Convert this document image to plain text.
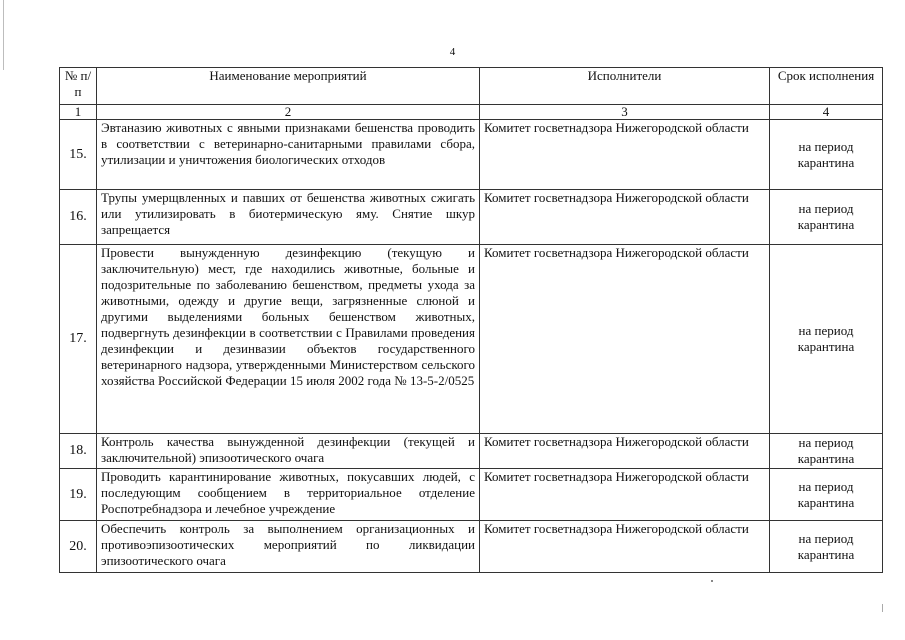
4
№ п/п	Наименование мероприятий	Исполнители	Срок исполнения
1	2	3	4
15.	Эвтаназию животных с явными признаками бешенства проводить в соответствии с ветеринарно-санитарными правилами сбора, утилизации и уничтожения биологических отходов	Комитет госветнадзора Нижегородской области	на период карантина
16.	Трупы умерщвленных и павших от бешенства животных сжигать или утилизировать в биотермическую яму. Снятие шкур запрещается	Комитет госветнадзора Нижегородской области	на период карантина
17.	Провести вынужденную дезинфекцию (текущую и заключительную) мест, где находились животные, больные и подозрительные по заболеванию бешенством, предметы ухода за животными, одежду и другие вещи, загрязненные слюной и другими выделениями больных бешенством животных, подвергнуть дезинфекции в соответствии с Правилами проведения дезинфекции и дезинвазии объектов государственного ветеринарного надзора, утвержденными Министерством сельского хозяйства Российской Федерации 15 июля 2002 года № 13-5-2/0525	Комитет госветнадзора Нижегородской области	на период карантина
18.	Контроль качества вынужденной дезинфекции (текущей и заключительной) эпизоотического очага	Комитет госветнадзора Нижегородской области	на период карантина
19.	Проводить карантинирование животных, покусавших людей, с последующим сообщением в территориальное отделение Роспотребнадзора и лечебное учреждение	Комитет госветнадзора Нижегородской области	на период карантина
20.	Обеспечить контроль за выполнением организационных и противоэпизоотических мероприятий по ликвидации эпизоотического очага	Комитет госветнадзора Нижегородской области	на период карантина
